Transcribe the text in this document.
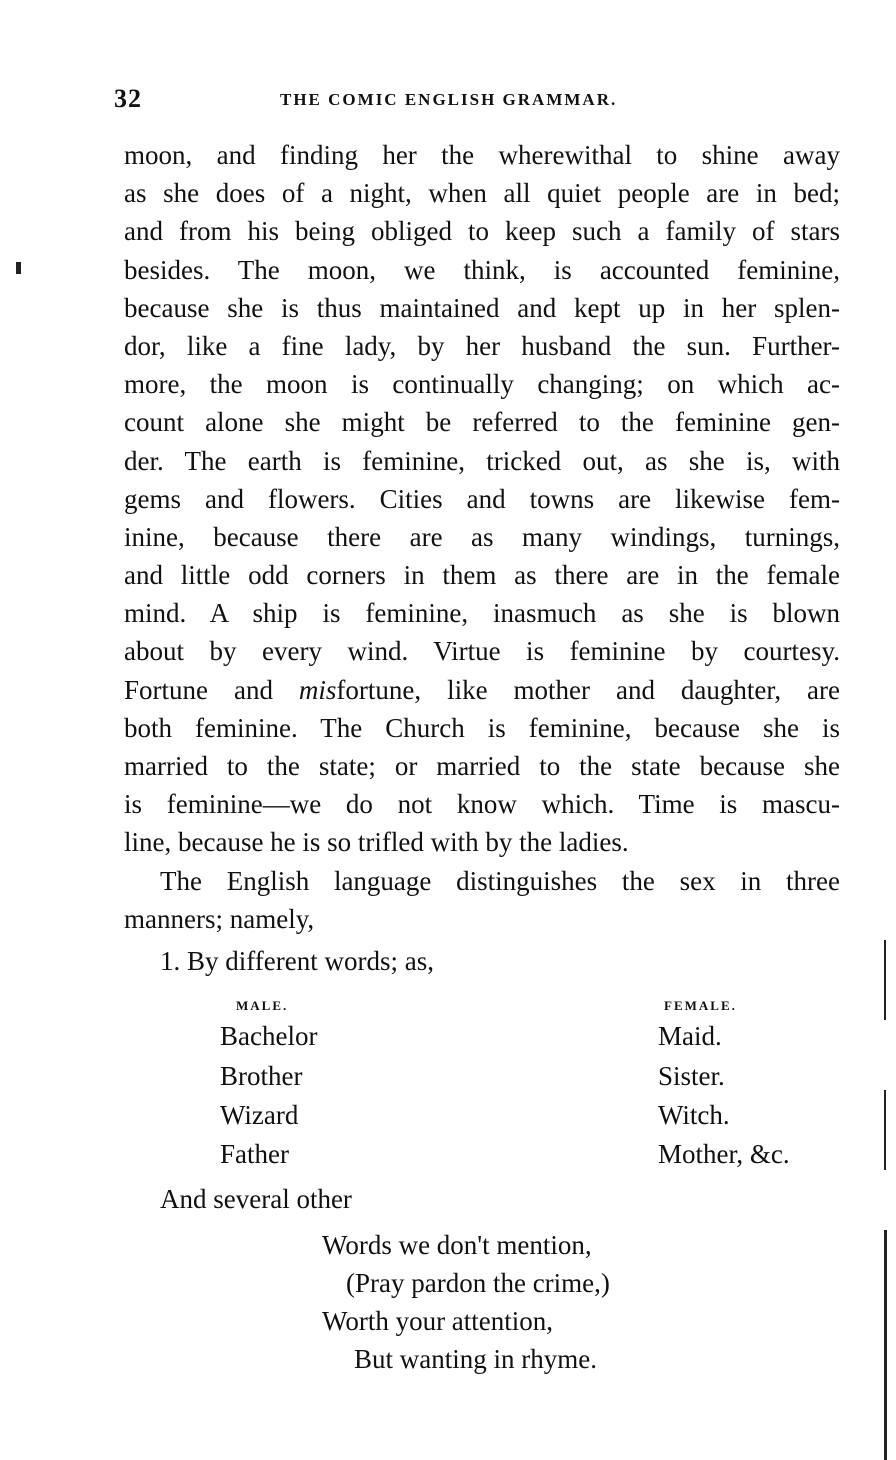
32	THE COMIC ENGLISH GRAMMAR.
moon, and finding her the wherewithal to shine away
as she does of a night, when all quiet people are in bed;
and from his being obliged to keep such a family of stars
besides. The moon, we think, is accounted feminine,
because she is thus maintained and kept up in her splen-
dor, like a fine lady, by her husband the sun. Further-
more, the moon is continually changing; on which ac-
count alone she might be referred to the feminine gen-
der. The earth is feminine, tricked out, as she is, with
gems and flowers. Cities and towns are likewise fem-
inine, because there are as many windings, turnings,
and little odd corners in them as there are in the female
mind. A ship is feminine, inasmuch as she is blown
about by every wind. Virtue is feminine by courtesy.
Fortune and misfortune, like mother and daughter, are
both feminine. The Church is feminine, because she is
married to the state; or married to the state because she
is feminine—we do not know which. Time is mascu-
line, because he is so trifled with by the ladies.
The English language distinguishes the sex in three
manners; namely,
1. By different words; as,
MALE.	FEMALE.
Bachelor	Maid.
Brother	Sister.
Wizard	Witch.
Father	Mother, &c.
And several other
Words we don't mention,
(Pray pardon the crime,)
Worth your attention,
But wanting in rhyme.
